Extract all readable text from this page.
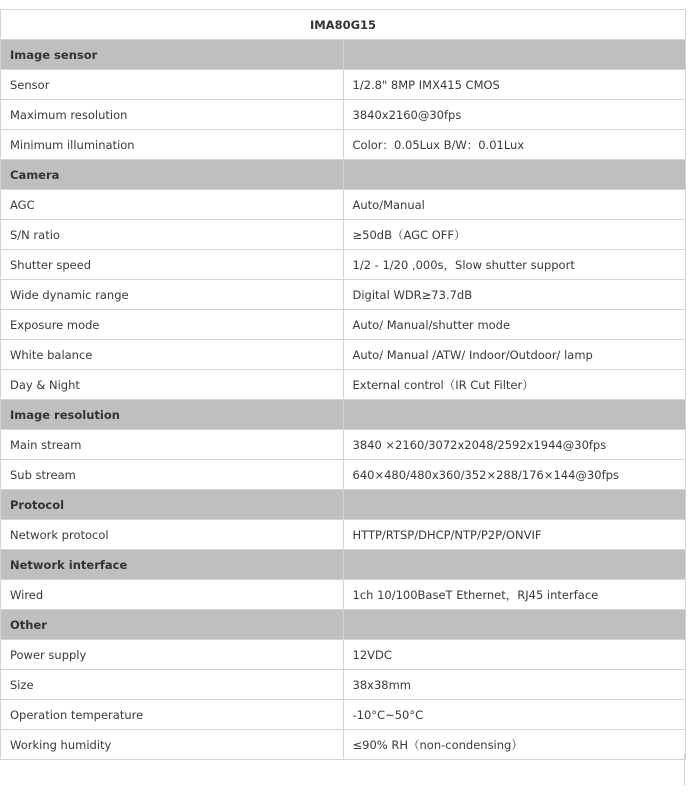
IMA80G15	
Image sensor	
Sensor	1/2.8" 8MP IMX415 CMOS
Maximum resolution	3840x2160@30fps
Minimum illumination	Color：0.05Lux B/W：0.01Lux
Camera	
AGC	Auto/Manual
S/N ratio	≥50dB（AGC OFF）
Shutter speed	1/2 - 1/20 ,000s，Slow shutter support
Wide dynamic range	Digital WDR≥73.7dB
Exposure mode	Auto/ Manual/shutter mode
White balance	Auto/ Manual /ATW/ Indoor/Outdoor/ lamp
Day & Night	External control（IR Cut Filter）
Image resolution	
Main stream	3840 ×2160/3072x2048/2592x1944@30fps
Sub stream	640×480/480x360/352×288/176×144@30fps
Protocol	
Network protocol	HTTP/RTSP/DHCP/NTP/P2P/ONVIF
Network interface	
Wired	1ch 10/100BaseT Ethernet，RJ45 interface
Other	
Power supply	12VDC
Size	38x38mm
Operation temperature	-10°C~50°C
Working humidity	≤90% RH（non-condensing）
